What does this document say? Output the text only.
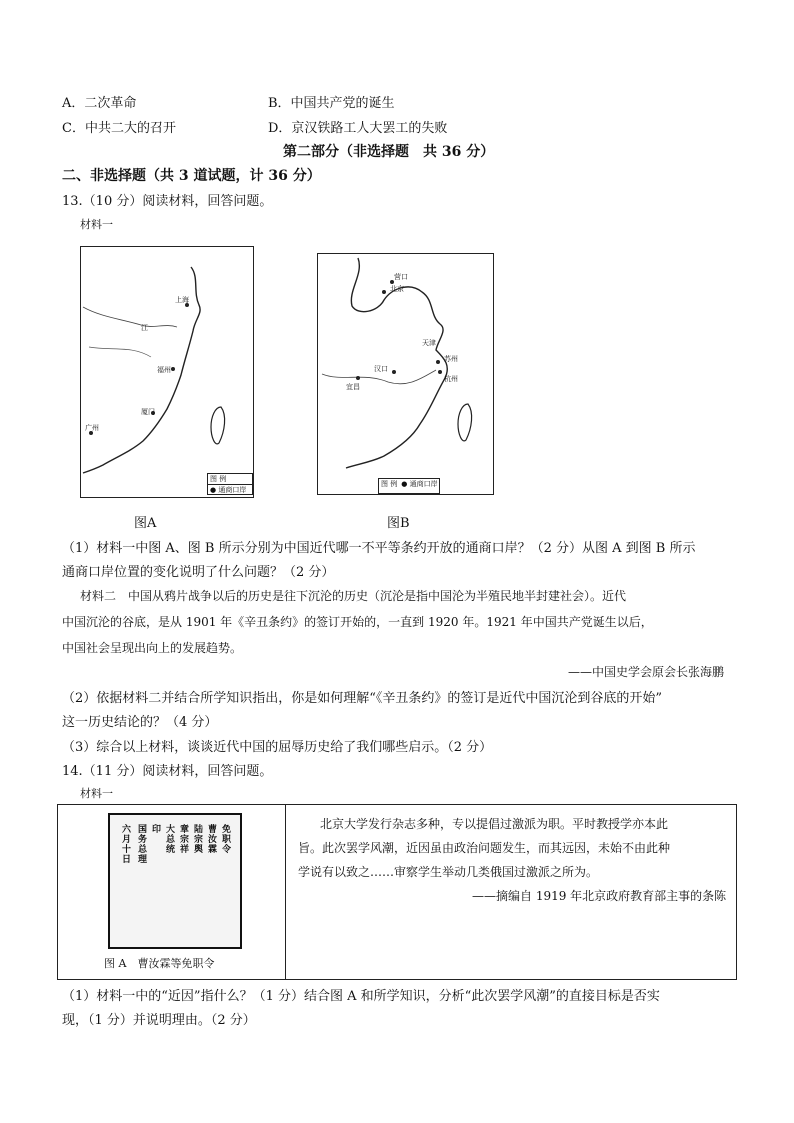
A．二次革命	B．中国共产党的诞生
C．中共二大的召开	D．京汉铁路工人大罢工的失败
第二部分（非选择题　共 36 分）
二、非选择题（共 3 道试题，计 36 分）
13.（10 分）阅读材料，回答问题。
材料一
上海
江
福州
厦门
广州
图 例
● 通商口岸
图A
营口
北京
天津
宜昌
汉口
苏州
杭州
图 例 ● 通商口岸
图B
（1）材料一中图 A、图 B 所示分别为中国近代哪一不平等条约开放的通商口岸？（2 分）从图 A 到图 B 所示
通商口岸位置的变化说明了什么问题？（2 分）
材料二　中国从鸦片战争以后的历史是往下沉沦的历史（沉沦是指中国沦为半殖民地半封建社会）。近代
中国沉沦的谷底，是从 1901 年《辛丑条约》的签订开始的，一直到 1920 年。1921 年中国共产党诞生以后，
中国社会呈现出向上的发展趋势。
——中国史学会原会长张海鹏
（2）依据材料二并结合所学知识指出，你是如何理解“《辛丑条约》的签订是近代中国沉沦到谷底的开始”
这一历史结论的？（4 分）
（3）综合以上材料，谈谈近代中国的屈辱历史给了我们哪些启示。（2 分）
14.（11 分）阅读材料，回答问题。
材料一
免职令
曹汝霖
陆宗舆
章宗祥
大总统
印
国务总理
六月十日
图 A　曹汝霖等免职令
北京大学发行杂志多种，专以提倡过激派为职。平时教授学亦本此
旨。此次罢学风潮，近因虽由政治问题发生，而其远因，未始不由此种
学说有以致之……审察学生举动几类俄国过激派之所为。
——摘编自 1919 年北京政府教育部主事的条陈
（1）材料一中的“近因”指什么？（1 分）结合图 A 和所学知识，分析“此次罢学风潮”的直接目标是否实
现，（1 分）并说明理由。（2 分）
